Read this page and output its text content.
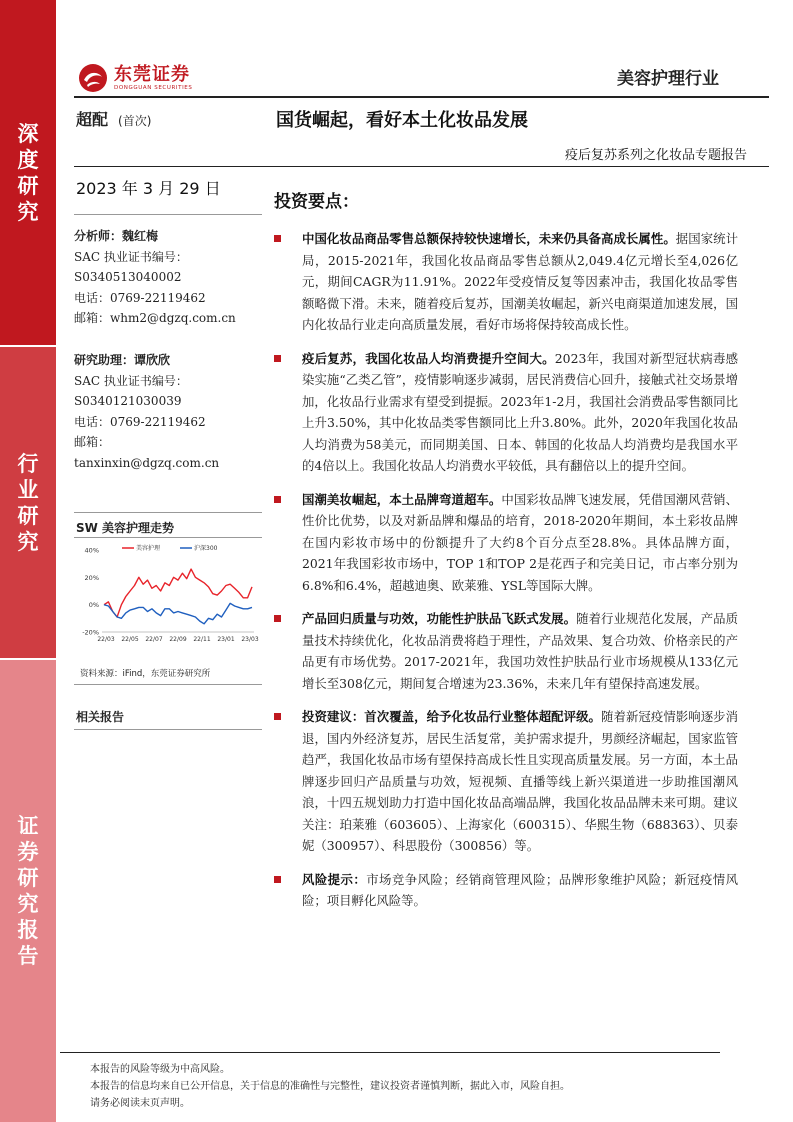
深
度
研
究
行
业
研
究
证
券
研
究
报
告
东莞证券
DONGGUAN SECURITIES	美容护理行业
超配 (首次)	国货崛起，看好本土化妆品发展
疫后复苏系列之化妆品专题报告
2023 年 3 月 29 日
分析师：魏红梅
SAC 执业证书编号：
S0340513040002
电话：0769-22119462
邮箱：whm2@dgzq.com.cn
研究助理：谭欣欣
SAC 执业证书编号：
S0340121030039
电话：0769-22119462
邮箱：
tanxinxin@dgzq.com.cn
SW 美容护理走势
40%
20%
0%
-20%
22/03 22/05 22/07 22/09 22/11 23/01 23/03
美容护理	沪深300
资料来源：iFind，东莞证券研究所
相关报告
投资要点：
中国化妆品商品零售总额保持较快速增长，未来仍具备高成长属性。据国家统计局，2015-2021年，我国化妆品商品零售总额从2,049.4亿元增长至4,026亿元，期间CAGR为11.91%。2022年受疫情反复等因素冲击，我国化妆品零售额略微下滑。未来，随着疫后复苏，国潮美妆崛起，新兴电商渠道加速发展，国内化妆品行业走向高质量发展，看好市场将保持较高成长性。
疫后复苏，我国化妆品人均消费提升空间大。2023年，我国对新型冠状病毒感染实施“乙类乙管”，疫情影响逐步减弱，居民消费信心回升，接触式社交场景增加，化妆品行业需求有望受到提振。2023年1-2月，我国社会消费品零售额同比上升3.50%，其中化妆品类零售额同比上升3.80%。此外，2020年我国化妆品人均消费为58美元，而同期美国、日本、韩国的化妆品人均消费均是我国水平的4倍以上。我国化妆品人均消费水平较低，具有翻倍以上的提升空间。
国潮美妆崛起，本土品牌弯道超车。中国彩妆品牌飞速发展，凭借国潮风营销、性价比优势，以及对新品牌和爆品的培育，2018-2020年期间，本土彩妆品牌在国内彩妆市场中的份额提升了大约8个百分点至28.8%。具体品牌方面，2021年我国彩妆市场中，TOP 1和TOP 2是花西子和完美日记，市占率分别为6.8%和6.4%，超越迪奥、欧莱雅、YSL等国际大牌。
产品回归质量与功效，功能性护肤品飞跃式发展。随着行业规范化发展，产品质量技术持续优化，化妆品消费将趋于理性，产品效果、复合功效、价格亲民的产品更有市场优势。2017-2021年，我国功效性护肤品行业市场规模从133亿元增长至308亿元，期间复合增速为23.36%，未来几年有望保持高速发展。
投资建议：首次覆盖，给予化妆品行业整体超配评级。随着新冠疫情影响逐步消退，国内外经济复苏，居民生活复常，美护需求提升，男颜经济崛起，国家监管趋严，我国化妆品市场有望保持高成长性且实现高质量发展。另一方面，本土品牌逐步回归产品质量与功效，短视频、直播等线上新兴渠道进一步助推国潮风浪，十四五规划助力打造中国化妆品高端品牌，我国化妆品品牌未来可期。建议关注：珀莱雅（603605）、上海家化（600315）、华熙生物（688363）、贝泰妮（300957）、科思股份（300856）等。
风险提示：市场竞争风险；经销商管理风险；品牌形象维护风险；新冠疫情风险；项目孵化风险等。
本报告的风险等级为中高风险。
本报告的信息均来自已公开信息，关于信息的准确性与完整性，建议投资者谨慎判断，据此入市，风险自担。
请务必阅读末页声明。
